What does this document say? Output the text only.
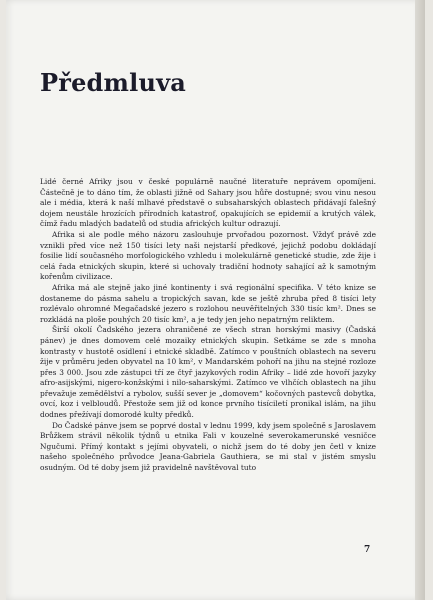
Předmluva

Lidé černé Afriky jsou v české populárně naučné literatuře neprávem opomíjeni. Částečně je to dáno tím, že oblasti jižně od Sahary jsou hůře dostupné; svou vinu nesou ale i média, která k naší mlhavé představě o subsaharských oblastech přidávají falešný dojem neustále hrozících přírodních katastrof, opakujících se epidemií a krutých válek, čímž řadu mladých badatelů od studia afrických kultur odrazují.

Afrika si ale podle mého názoru zaslouhuje prvořadou pozornost. Vždyť právě zde vznikli před více než 150 tisíci lety naši nejstarší předkové, jejichž podobu dokládají fosilie lidí současného morfologického vzhledu i molekulárně genetické studie, zde žije i celá řada etnických skupin, které si uchovaly tradiční hodnoty sahající až k samotným kořenům civilizace.

Afrika má ale stejně jako jiné kontinenty i svá regionální specifika. V této knize se dostaneme do pásma sahelu a tropických savan, kde se ještě zhruba před 8 tisíci lety rozlévalo ohromné Megačadské jezero s rozlohou neuvěřitelných 330 tisíc km². Dnes se rozkládá na ploše pouhých 20 tisíc km², a je tedy jen jeho nepatrným reliktem.

Širší okolí Čadského jezera ohraničené ze všech stran horskými masivy (Čadská pánev) je dnes domovem celé mozaiky etnických skupin. Setkáme se zde s mnoha kontrasty v hustotě osídlení i etnické skladbě. Zatímco v pouštních oblastech na severu žije v průměru jeden obyvatel na 10 km², v Mandarském pohoří na jihu na stejné rozloze přes 3 000. Jsou zde zástupci tří ze čtyř jazykových rodin Afriky – lidé zde hovoří jazyky afro-asijskými, nigero-konžskými i nilo-saharskými. Zatímco ve vlhčích oblastech na jihu převažuje zemědělství a rybolov, sušší sever je „domovem“ kočovných pastevců dobytka, ovcí, koz i velbloudů. Přestože sem již od konce prvního tisíciletí pronikal islám, na jihu dodnes přežívají domorodé kulty předků.

Do Čadské pánve jsem se poprvé dostal v lednu 1999, kdy jsem společně s Jaroslavem Brůžkem strávil několik týdnů u etnika Fali v kouzelné severokamerunské vesničce Ngučumi. Přímý kontakt s jejími obyvateli, o nichž jsem do té doby jen četl v knize našeho společného průvodce Jeana-Gabriela Gauthiera, se mi stal v jistém smyslu osudným. Od té doby jsem již pravidelně navštěvoval tuto

7
